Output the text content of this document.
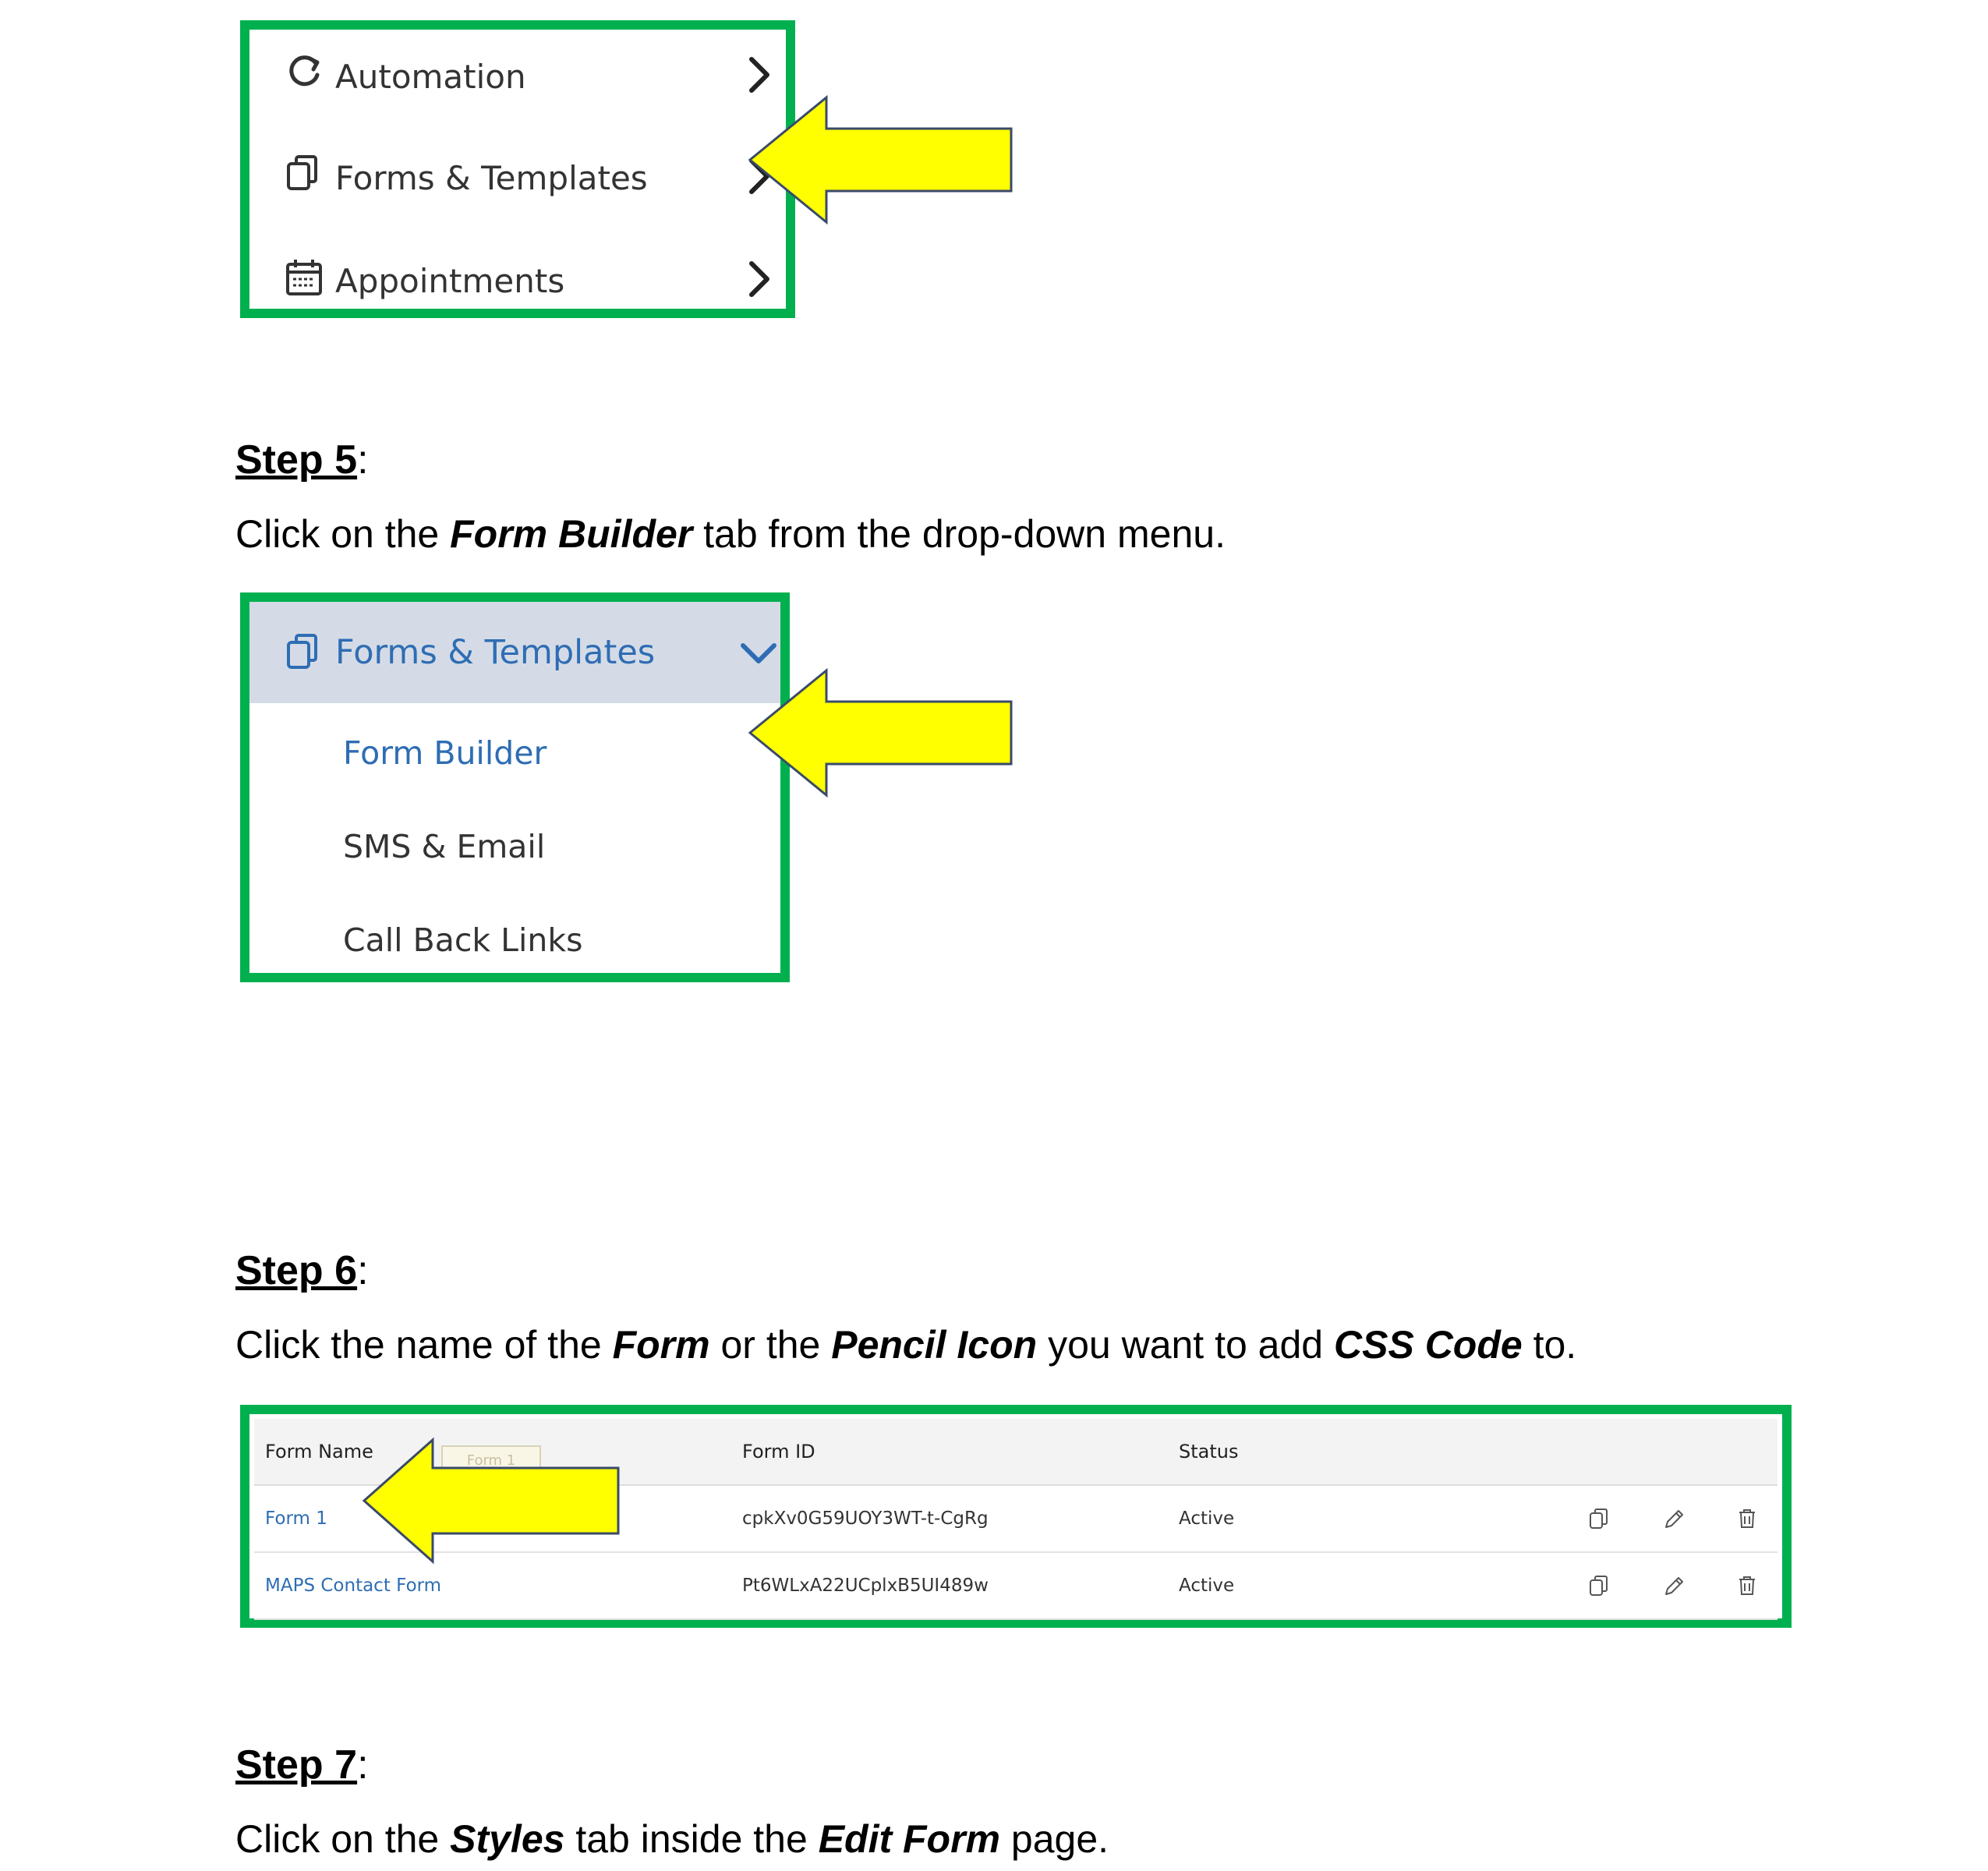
Automation
Forms & Templates
Appointments
Step 5:
Click on the Form Builder tab from the drop-down menu.
Forms & Templates
Form Builder
SMS & Email
Call Back Links
Step 6:
Click the name of the Form or the Pencil Icon you want to add CSS Code to.
Form Name	Form ID	Status
Form 1
Form 1	cpkXv0G59UOY3WT-t-CgRg	Active
MAPS Contact Form	Pt6WLxA22UCplxB5UI489w	Active
Step 7:
Click on the Styles tab inside the Edit Form page.
